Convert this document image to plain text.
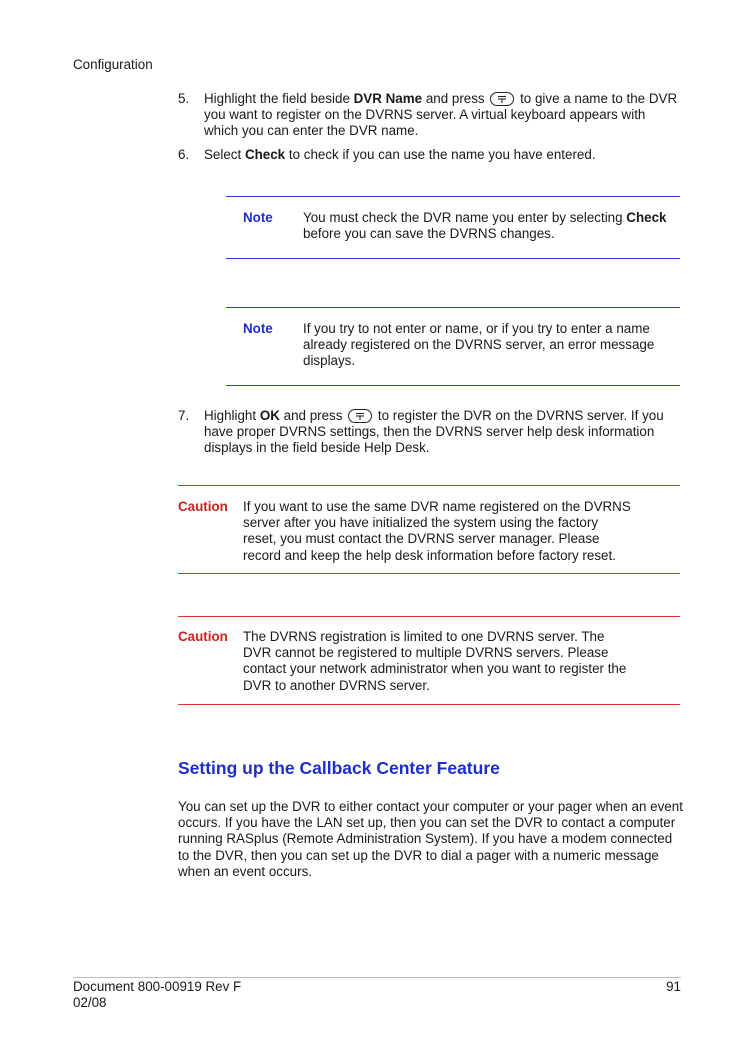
Configuration
5. Highlight the field beside DVR Name and press
to give a name to the DVR you want to register on the DVRNS server. A virtual keyboard appears with which you can enter the DVR name.
6. Select Check to check if you can use the name you have entered.
Note You must check the DVR name you enter by selecting Check before you can save the DVRNS changes.
Note If you try to not enter or name, or if you try to enter a name already registered on the DVRNS server, an error message displays.
7. Highlight OK and press
to register the DVR on the DVRNS server. If you have proper DVRNS settings, then the DVRNS server help desk information displays in the field beside Help Desk.
Caution If you want to use the same DVR name registered on the DVRNS server after you have initialized the system using the factory reset, you must contact the DVRNS server manager. Please record and keep the help desk information before factory reset.
Caution The DVRNS registration is limited to one DVRNS server. The DVR cannot be registered to multiple DVRNS servers. Please contact your network administrator when you want to register the DVR to another DVRNS server.
Setting up the Callback Center Feature
You can set up the DVR to either contact your computer or your pager when an event occurs. If you have the LAN set up, then you can set the DVR to contact a computer running RASplus (Remote Administration System). If you have a modem connected to the DVR, then you can set up the DVR to dial a pager with a numeric message when an event occurs.
Document 800-00919 Rev F
02/08
91
